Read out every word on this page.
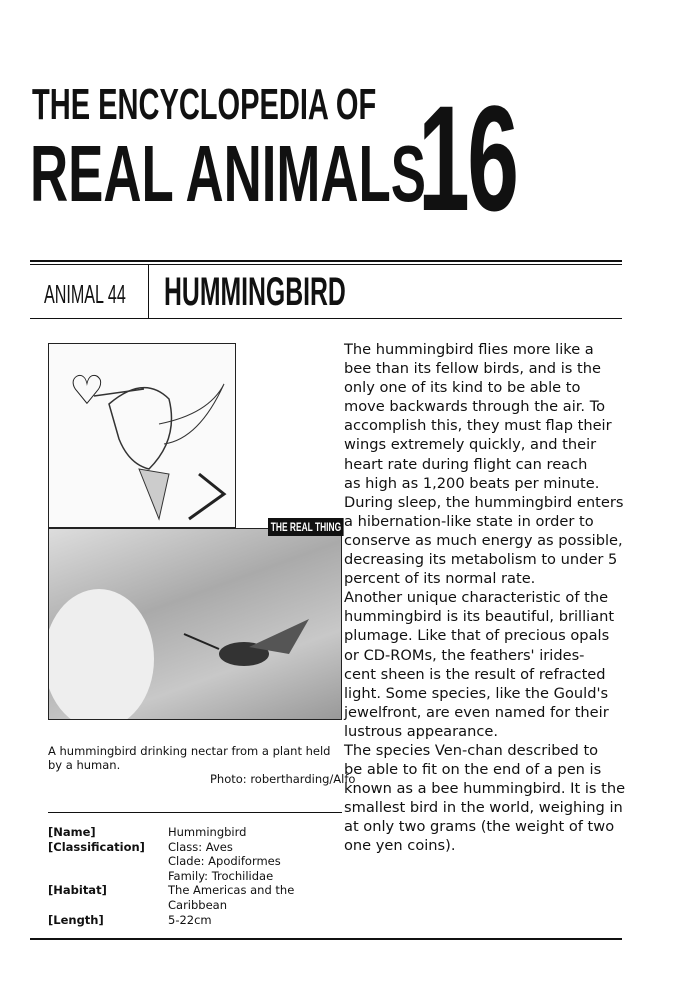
THE ENCYCLOPEDIA OF
REAL ANIMALS
16
ANIMAL 44 HUMMINGBIRD
♡
THE REAL THING
A hummingbird drinking nectar from a plant held by a human.
Photo: robertharding/Alfo
[Name]	Hummingbird
[Classification]	Class: Aves
Clade: Apodiformes
Family: Trochilidae
[Habitat]	The Americas and the
Caribbean
[Length]	5-22cm
The hummingbird flies more like a
bee than its fellow birds, and is the
only one of its kind to be able to
move backwards through the air. To
accomplish this, they must flap their
wings extremely quickly, and their
heart rate during flight can reach
as high as 1,200 beats per minute.
During sleep, the hummingbird enters
a hibernation-like state in order to
conserve as much energy as possible,
decreasing its metabolism to under 5
percent of its normal rate.
Another unique characteristic of the
hummingbird is its beautiful, brilliant
plumage. Like that of precious opals
or CD-ROMs, the feathers' irides-
cent sheen is the result of refracted
light. Some species, like the Gould's
jewelfront, are even named for their
lustrous appearance.
The species Ven-chan described to
be able to fit on the end of a pen is
known as a bee hummingbird. It is the
smallest bird in the world, weighing in
at only two grams (the weight of two
one yen coins).
